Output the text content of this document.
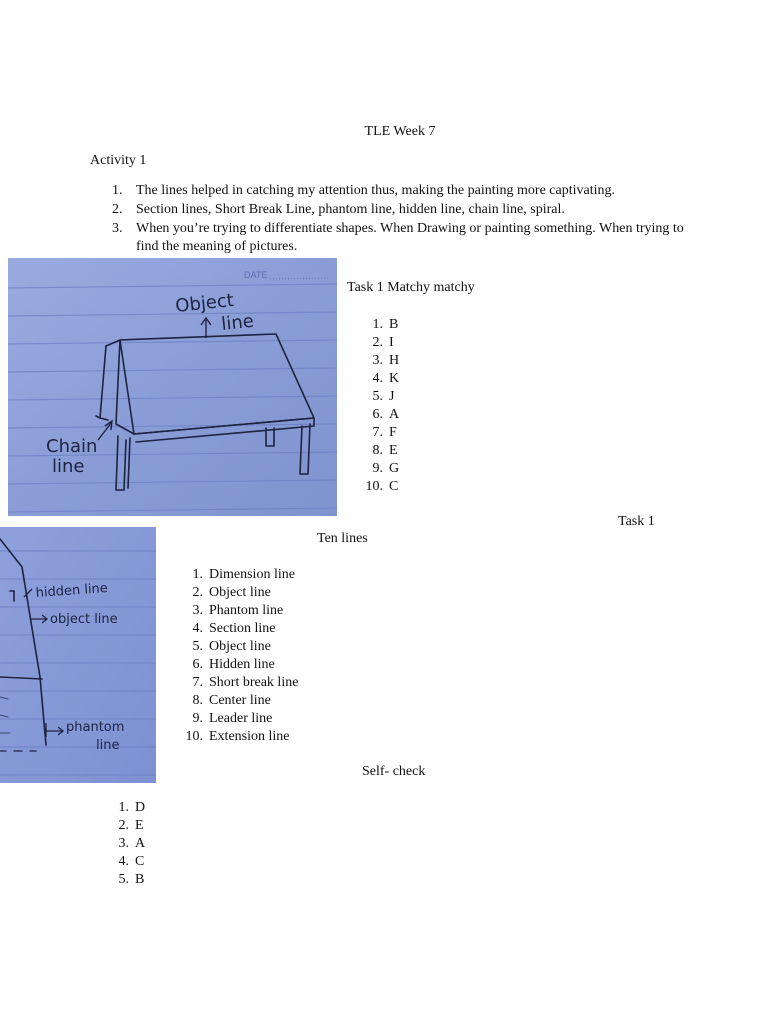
TLE Week 7
Activity 1
1. The lines helped in catching my attention thus, making the painting more captivating.
2. Section lines, Short Break Line, phantom line, hidden line, chain line, spiral.
3. When you’re trying to differentiate shapes. When Drawing or painting something. When trying to find the meaning of pictures.
DATE
Object
line
Chain
line
Task 1 Matchy matchy
1. B
2. I
3. H
4. K
5. J
6. A
7. F
8. E
9. G
10. C
Task 1
hidden line
object line
phantom
line
Ten lines
1. Dimension line
2. Object line
3. Phantom line
4. Section line
5. Object line
6. Hidden line
7. Short break line
8. Center line
9. Leader line
10. Extension line
Self- check
1. D
2. E
3. A
4. C
5. B
